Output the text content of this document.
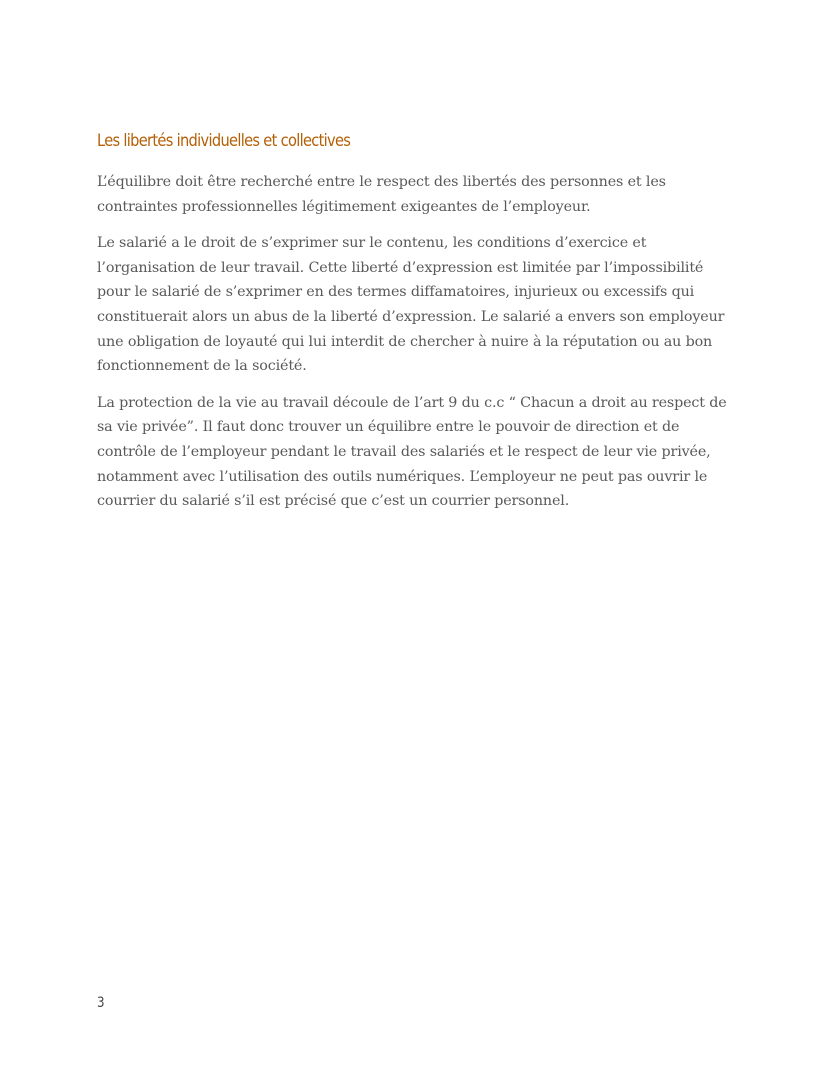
Les libertés individuelles et collectives

L’équilibre doit être recherché entre le respect des libertés des personnes et les contraintes professionnelles légitimement exigeantes de l’employeur.

Le salarié a le droit de s’exprimer sur le contenu, les conditions d’exercice et l’organisation de leur travail. Cette liberté d’expression est limitée par l’impossibilité pour le salarié de s’exprimer en des termes diffamatoires, injurieux ou excessifs qui constituerait alors un abus de la liberté d’expression. Le salarié a envers son employeur une obligation de loyauté qui lui interdit de chercher à nuire à la réputation ou au bon fonctionnement de la société.

La protection de la vie au travail découle de l’art 9 du c.c “ Chacun a droit au respect de sa vie privée”. Il faut donc trouver un équilibre entre le pouvoir de direction et de contrôle de l’employeur pendant le travail des salariés et le respect de leur vie privée, notamment avec l’utilisation des outils numériques. L’employeur ne peut pas ouvrir le courrier du salarié s’il est précisé que c’est un courrier personnel.

3
